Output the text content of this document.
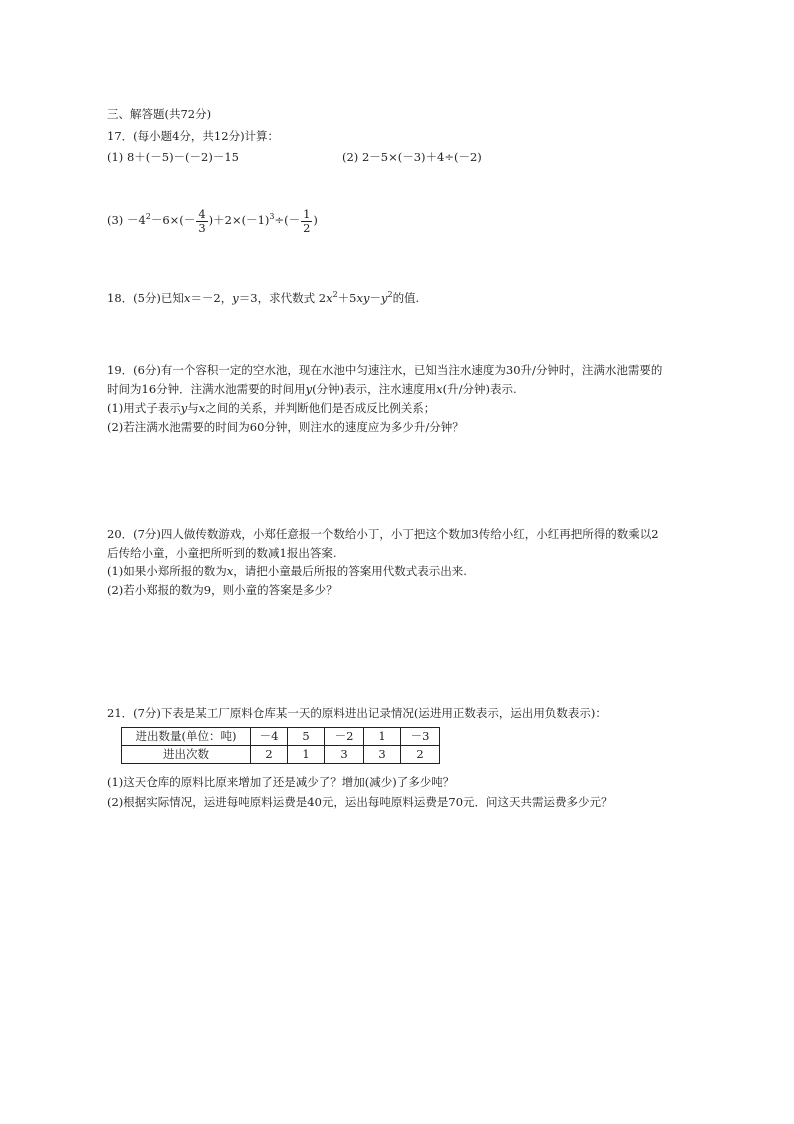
三、解答题(共72分)
17．(每小题4分，共12分)计算：
(1) 8＋(－5)－(－2)－15	(2) 2－5×(－3)＋4÷(－2)
$(3) -4^2-6\times(- \frac{4}{3} )+2\times(-1)^3\div(- \frac{1}{2}$ )
18．(5分)已知x＝－2，y＝3，求代数式 $2x^2+5xy-y^2$的值.
19．(6分)有一个容积一定的空水池，现在水池中匀速注水，已知当注水速度为30升/分钟时，注满水池需要的
时间为16分钟．注满水池需要的时间用y(分钟)表示，注水速度用x(升/分钟)表示.
(1)用式子表示y与x之间的关系，并判断他们是否成反比例关系；
(2)若注满水池需要的时间为60分钟，则注水的速度应为多少升/分钟？
20．(7分)四人做传数游戏，小郑任意报一个数给小丁，小丁把这个数加3传给小红，小红再把所得的数乘以2
后传给小童，小童把所听到的数减1报出答案.
(1)如果小郑所报的数为x，请把小童最后所报的答案用代数式表示出来.
(2)若小郑报的数为9，则小童的答案是多少？
21．(7分)下表是某工厂原料仓库某一天的原料进出记录情况(运进用正数表示，运出用负数表示)：
进出数量(单位：吨)	－4	5	－2	1	－3
进出次数	2	1	3	3	2
(1)这天仓库的原料比原来增加了还是减少了？增加(减少)了多少吨？
(2)根据实际情况，运进每吨原料运费是40元，运出每吨原料运费是70元．问这天共需运费多少元？
